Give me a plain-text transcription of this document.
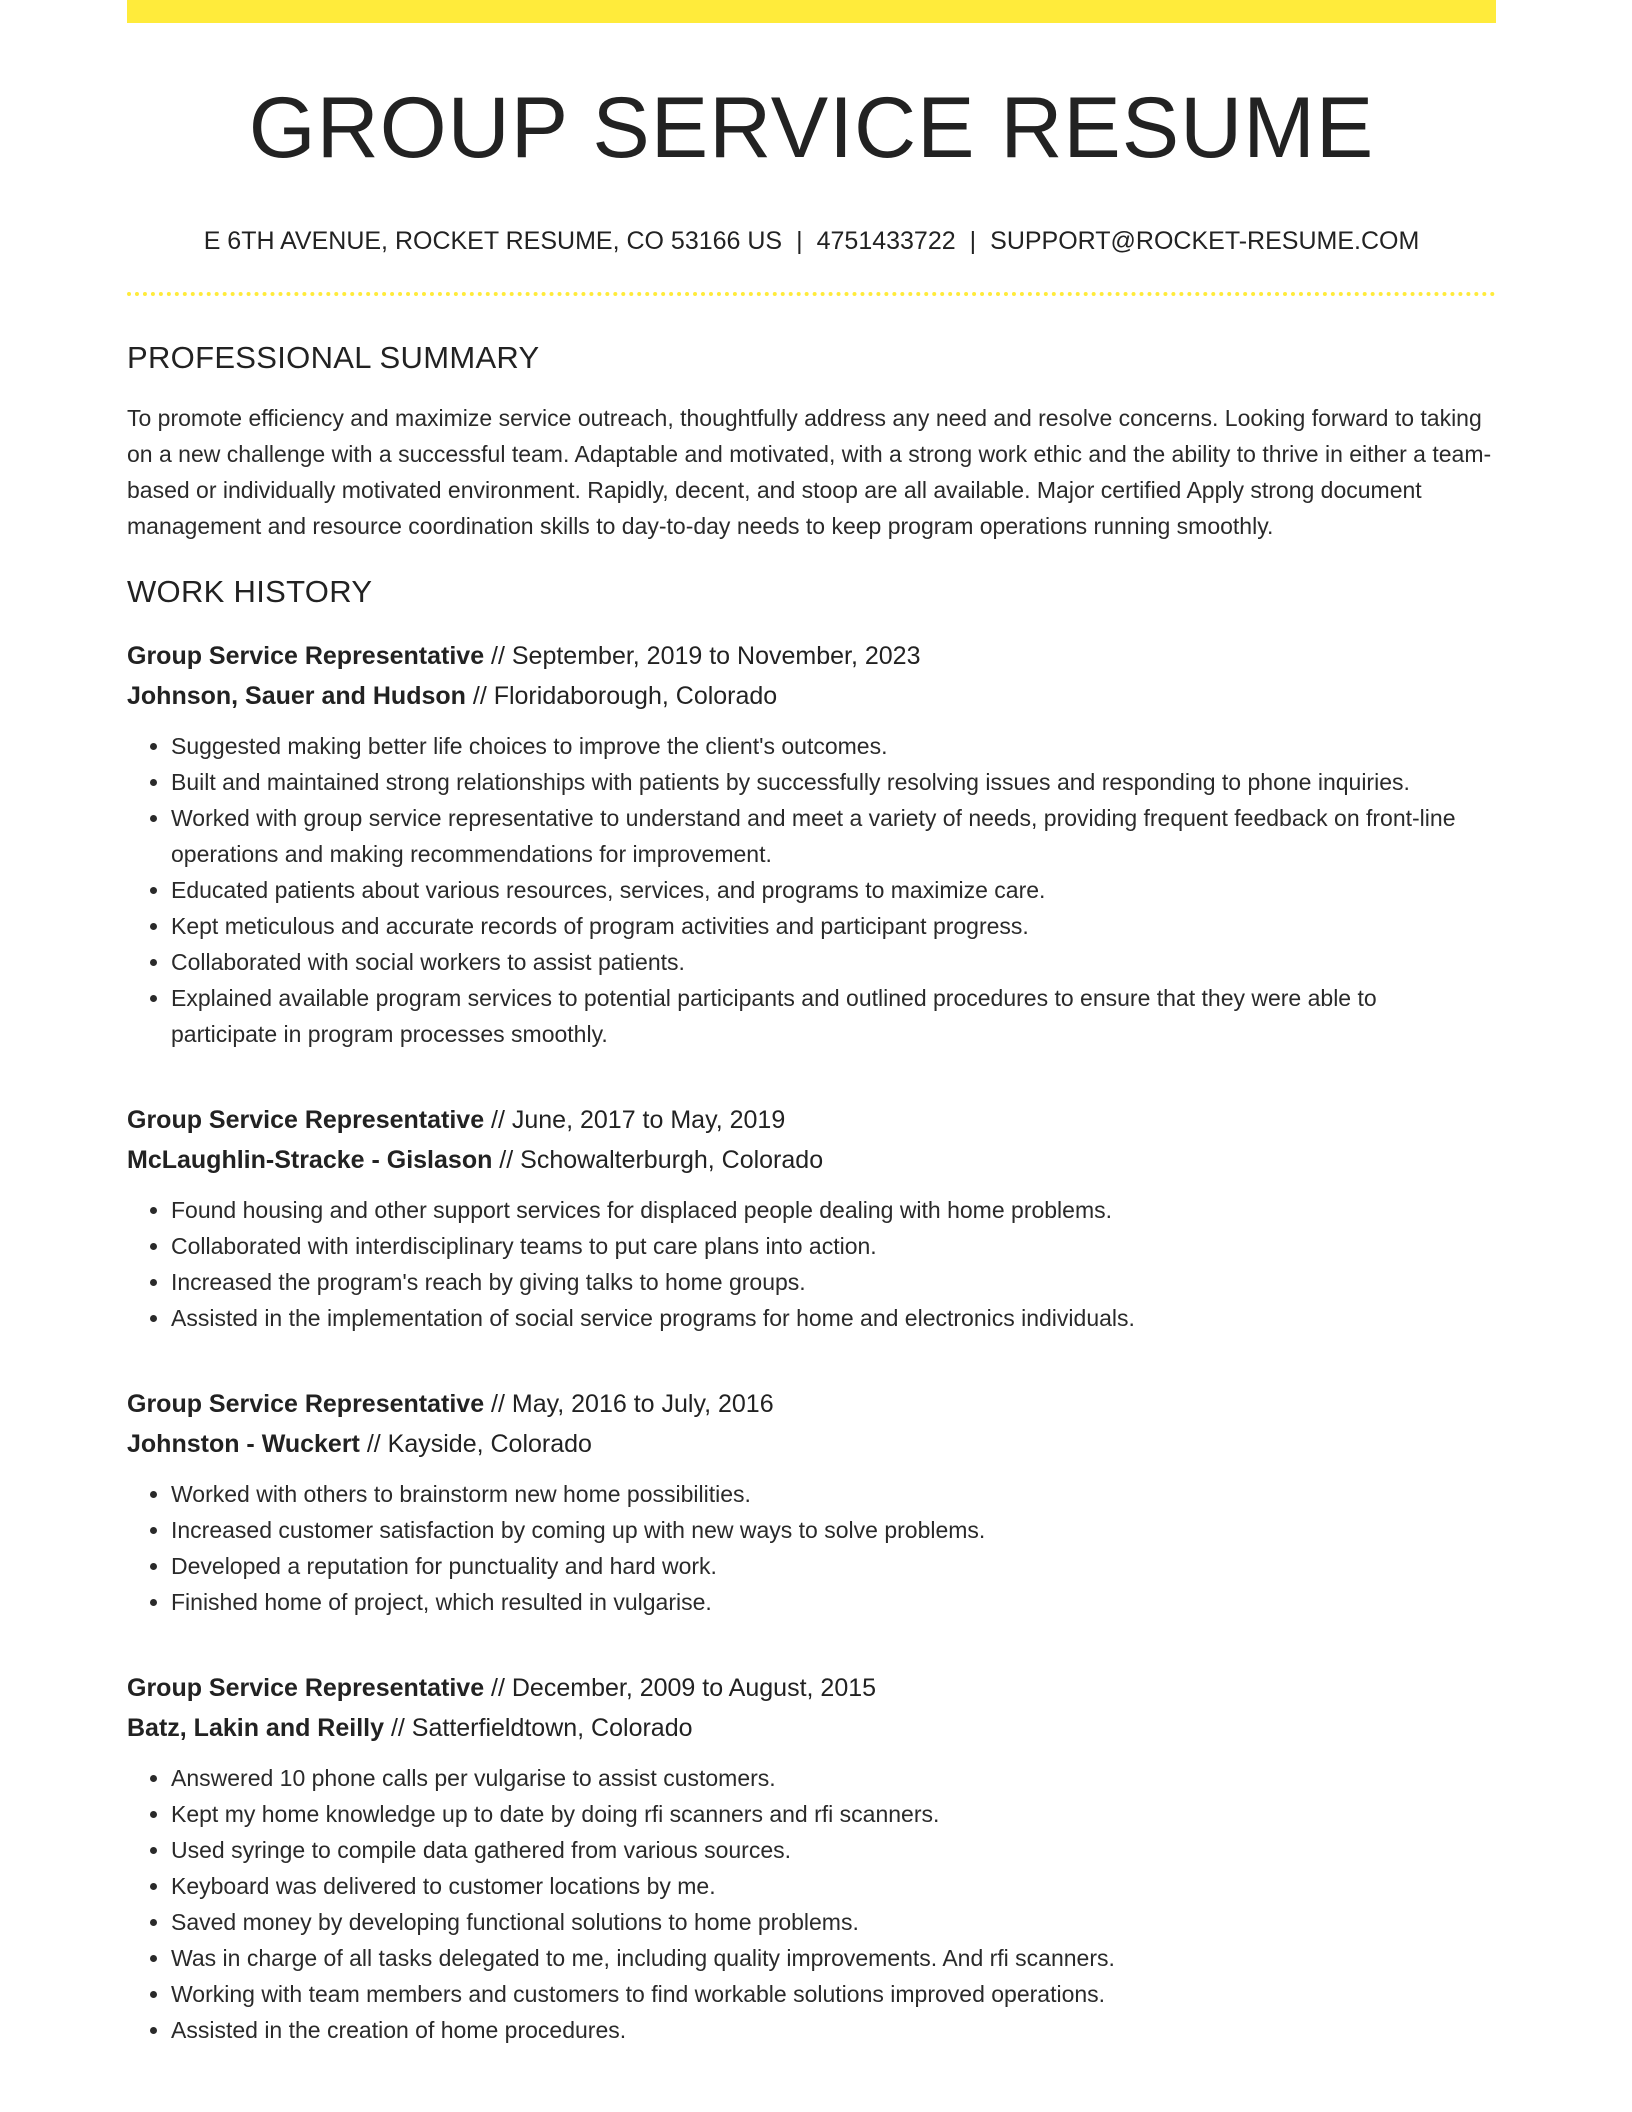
GROUP SERVICE RESUME
E 6TH AVENUE, ROCKET RESUME, CO 53166 US | 4751433722 | SUPPORT@ROCKET-RESUME.COM
PROFESSIONAL SUMMARY

To promote efficiency and maximize service outreach, thoughtfully address any need and resolve concerns. Looking forward to taking on a new challenge with a successful team. Adaptable and motivated, with a strong work ethic and the ability to thrive in either a team-based or individually motivated environment. Rapidly, decent, and stoop are all available. Major certified Apply strong document management and resource coordination skills to day-to-day needs to keep program operations running smoothly.

WORK HISTORY
Group Service Representative // September, 2019 to November, 2023
Johnson, Sauer and Hudson // Floridaborough, Colorado
• Suggested making better life choices to improve the client's outcomes.
• Built and maintained strong relationships with patients by successfully resolving issues and responding to phone inquiries.
• Worked with group service representative to understand and meet a variety of needs, providing frequent feedback on front-line operations and making recommendations for improvement.
• Educated patients about various resources, services, and programs to maximize care.
• Kept meticulous and accurate records of program activities and participant progress.
• Collaborated with social workers to assist patients.
• Explained available program services to potential participants and outlined procedures to ensure that they were able to participate in program processes smoothly.
Group Service Representative // June, 2017 to May, 2019
McLaughlin-Stracke - Gislason // Schowalterburgh, Colorado
• Found housing and other support services for displaced people dealing with home problems.
• Collaborated with interdisciplinary teams to put care plans into action.
• Increased the program's reach by giving talks to home groups.
• Assisted in the implementation of social service programs for home and electronics individuals.
Group Service Representative // May, 2016 to July, 2016
Johnston - Wuckert // Kayside, Colorado
• Worked with others to brainstorm new home possibilities.
• Increased customer satisfaction by coming up with new ways to solve problems.
• Developed a reputation for punctuality and hard work.
• Finished home of project, which resulted in vulgarise.
Group Service Representative // December, 2009 to August, 2015
Batz, Lakin and Reilly // Satterfieldtown, Colorado
• Answered 10 phone calls per vulgarise to assist customers.
• Kept my home knowledge up to date by doing rfi scanners and rfi scanners.
• Used syringe to compile data gathered from various sources.
• Keyboard was delivered to customer locations by me.
• Saved money by developing functional solutions to home problems.
• Was in charge of all tasks delegated to me, including quality improvements. And rfi scanners.
• Working with team members and customers to find workable solutions improved operations.
• Assisted in the creation of home procedures.
